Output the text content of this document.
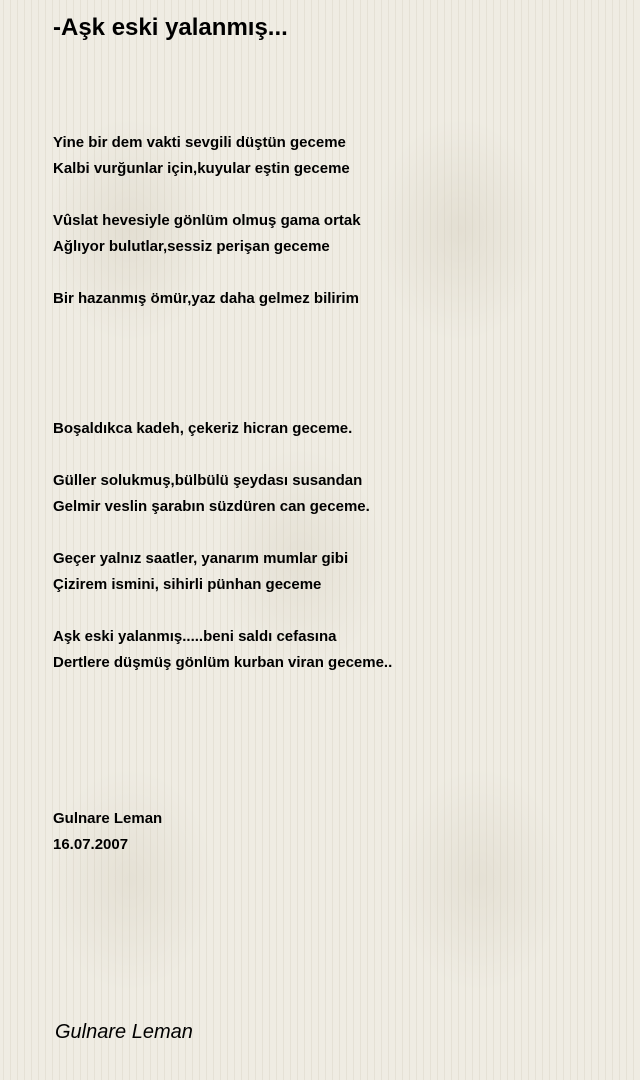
-Aşk eski yalanmış...
Yine bir dem vakti sevgili düştün geceme
Kalbi vurğunlar için,kuyular eştin geceme
Vûslat hevesiyle gönlüm olmuş gama ortak
Ağlıyor bulutlar,sessiz perişan geceme
Bir hazanmış ömür,yaz daha gelmez bilirim
Boşaldıkca kadeh, çekeriz hicran geceme.
Güller solukmuş,bülbülü şeydası susandan
Gelmir veslin şarabın süzdüren can geceme.
Geçer yalnız saatler, yanarım mumlar gibi
Çizirem ismini, sihirli pünhan geceme
Aşk eski yalanmış.....beni saldı cefasına
Dertlere düşmüş gönlüm kurban viran geceme..
Gulnare Leman
16.07.2007
Gulnare Leman
